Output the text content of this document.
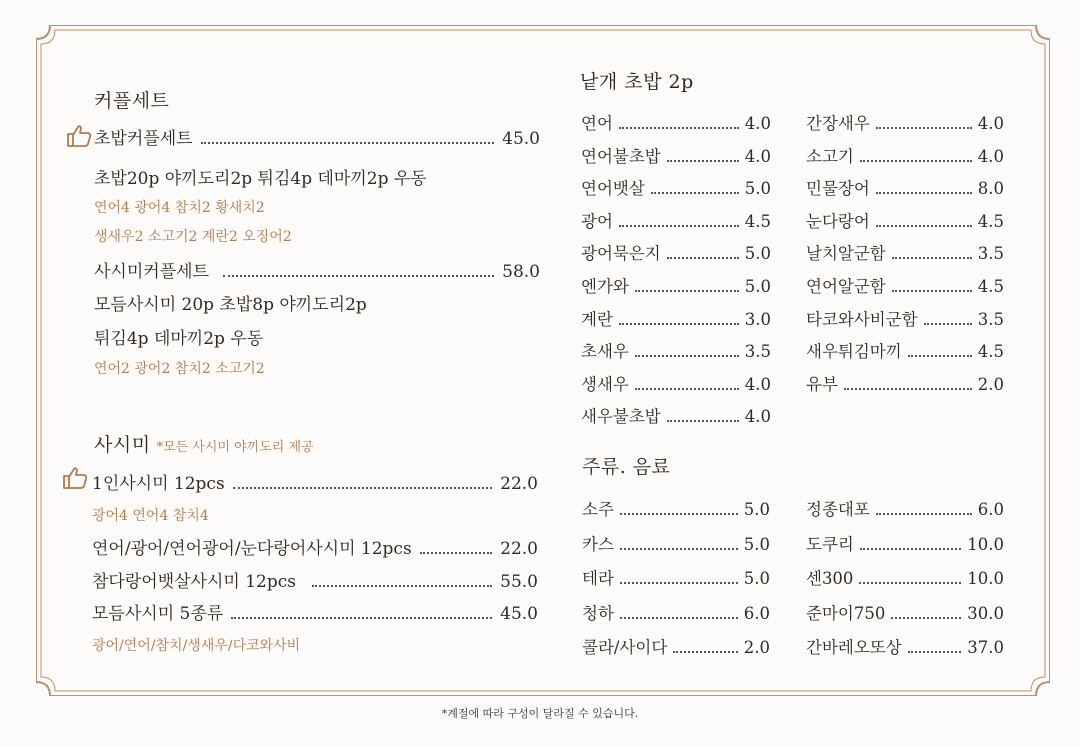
커플세트
초밥커플세트	45.0
초밥20p 야끼도리2p 튀김4p 데마끼2p 우동
연어4 광어4 참치2 황새치2
생새우2 소고기2 계란2 오징어2
사시미커플세트	58.0
모듬사시미 20p 초밥8p 야끼도리2p
튀김4p 데마끼2p 우동
연어2 광어2 참치2 소고기2
사시미 *모든 사시미 야끼도리 제공
1인사시미 12pcs	22.0
광어4 연어4 참치4
연어/광어/연어광어/눈다랑어사시미 12pcs	22.0
참다랑어뱃살사시미 12pcs	55.0
모듬사시미 5종류	45.0
광어/연어/참치/생새우/다코와사비
낱개 초밥 2p
연어	4.0
연어불초밥	4.0
연어뱃살	5.0
광어	4.5
광어묵은지	5.0
엔가와	5.0
계란	3.0
초새우	3.5
생새우	4.0
새우불초밥	4.0
간장새우	4.0
소고기	4.0
민물장어	8.0
눈다랑어	4.5
날치알군함	3.5
연어알군함	4.5
타코와사비군함	3.5
새우튀김마끼	4.5
유부	2.0
주류. 음료
소주	5.0
카스	5.0
테라	5.0
청하	6.0
콜라/사이다	2.0
정종대포	6.0
도쿠리	10.0
센300	10.0
준마이750	30.0
간바레오또상	37.0
*계절에 따라 구성이 달라질 수 있습니다.
